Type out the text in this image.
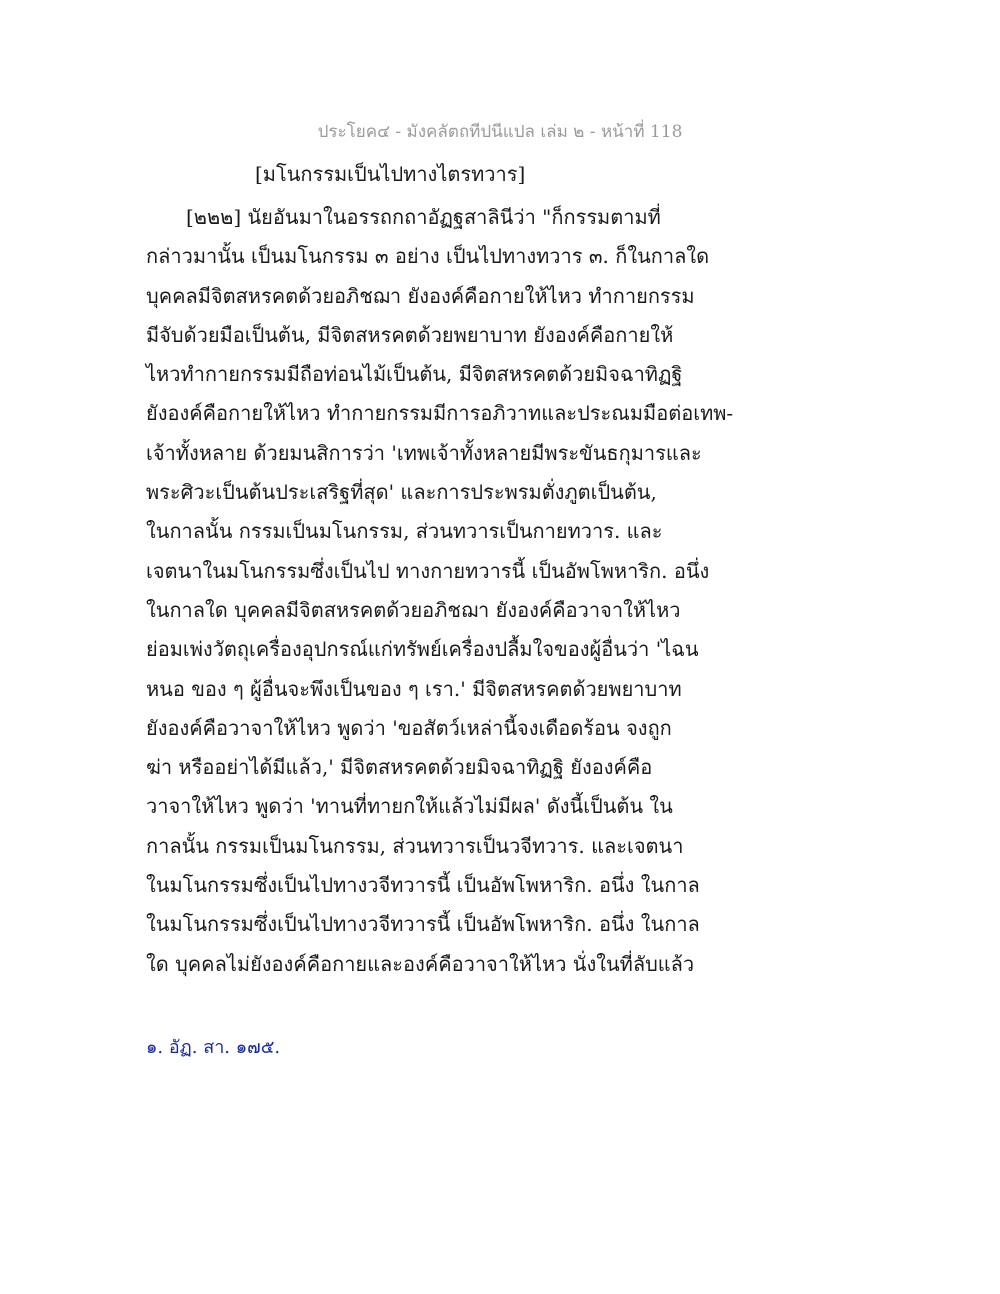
ประโยค๔ - มังคลัตถทีปนีแปล เล่ม ๒ - หน้าที่ 118
[มโนกรรมเป็นไปทางไตรทวาร]
[๒๒๒] นัยอันมาในอรรถกถาอัฏฐสาลินีว่า "ก็กรรมตามที่
กล่าวมานั้น เป็นมโนกรรม ๓ อย่าง เป็นไปทางทวาร ๓. ก็ในกาลใด
บุคคลมีจิตสหรคตด้วยอภิชฌา ยังองค์คือกายให้ไหว ทำกายกรรม
มีจับด้วยมือเป็นต้น, มีจิตสหรคตด้วยพยาบาท ยังองค์คือกายให้
ไหวทำกายกรรมมีถือท่อนไม้เป็นต้น, มีจิตสหรคตด้วยมิจฉาทิฏฐิ
ยังองค์คือกายให้ไหว ทำกายกรรมมีการอภิวาทและประณมมือต่อเทพ-
เจ้าทั้งหลาย ด้วยมนสิการว่า 'เทพเจ้าทั้งหลายมีพระขันธกุมารและ
พระศิวะเป็นต้นประเสริฐที่สุด' และการประพรมตั่งภูตเป็นต้น,
ในกาลนั้น กรรมเป็นมโนกรรม, ส่วนทวารเป็นกายทวาร. และ
เจตนาในมโนกรรมซึ่งเป็นไป ทางกายทวารนี้ เป็นอัพโพหาริก. อนึ่ง
ในกาลใด บุคคลมีจิตสหรคตด้วยอภิชฌา ยังองค์คือวาจาให้ไหว
ย่อมเพ่งวัตถุเครื่องอุปกรณ์แก่ทรัพย์เครื่องปลื้มใจของผู้อื่นว่า 'ไฉน
หนอ ของ ๆ ผู้อื่นจะพึงเป็นของ ๆ เรา.' มีจิตสหรคตด้วยพยาบาท
ยังองค์คือวาจาให้ไหว พูดว่า 'ขอสัตว์เหล่านี้จงเดือดร้อน จงถูก
ฆ่า หรืออย่าได้มีแล้ว,' มีจิตสหรคตด้วยมิจฉาทิฏฐิ ยังองค์คือ
วาจาให้ไหว พูดว่า 'ทานที่ทายกให้แล้วไม่มีผล' ดังนี้เป็นต้น ใน
กาลนั้น กรรมเป็นมโนกรรม, ส่วนทวารเป็นวจีทวาร. และเจตนา
ในมโนกรรมซึ่งเป็นไปทางวจีทวารนี้ เป็นอัพโพหาริก. อนึ่ง ในกาล
ในมโนกรรมซึ่งเป็นไปทางวจีทวารนี้ เป็นอัพโพหาริก. อนึ่ง ในกาล
ใด บุคคลไม่ยังองค์คือกายและองค์คือวาจาให้ไหว นั่งในที่ลับแล้ว
๑. อัฏ. สา. ๑๗๕.
